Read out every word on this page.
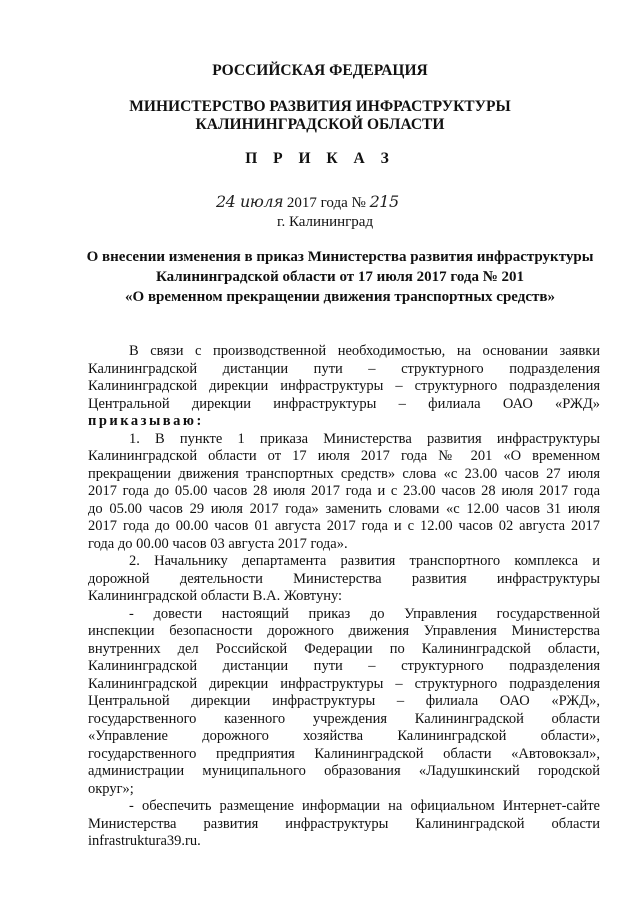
РОССИЙСКАЯ ФЕДЕРАЦИЯ
МИНИСТЕРСТВО РАЗВИТИЯ ИНФРАСТРУКТУРЫ
КАЛИНИНГРАДСКОЙ ОБЛАСТИ
П Р И К А З
24 июля 2017 года № 215
г. Калининград
О внесении изменения в приказ Министерства развития инфраструктуры
Калининградской области от 17 июля 2017 года № 201
«О временном прекращении движения транспортных средств»

В связи с производственной необходимостью, на основании заявки
Калининградской дистанции пути – структурного подразделения
Калининградской дирекции инфраструктуры – структурного подразделения
Центральной дирекции инфраструктуры – филиала ОАО «РЖД»

приказываю:

1. В пункте 1 приказа Министерства развития инфраструктуры
Калининградской области от 17 июля 2017 года № 201 «О временном
прекращении движения транспортных средств» слова «с 23.00 часов 27 июля
2017 года до 05.00 часов 28 июля 2017 года и с 23.00 часов 28 июля 2017 года
до 05.00 часов 29 июля 2017 года» заменить словами «с 12.00 часов 31 июля
2017 года до 00.00 часов 01 августа 2017 года и с 12.00 часов 02 августа 2017
года до 00.00 часов 03 августа 2017 года».

2. Начальнику департамента развития транспортного комплекса и
дорожной деятельности Министерства развития инфраструктуры
Калининградской области В.А. Жовтуну:

- довести настоящий приказ до Управления государственной
инспекции безопасности дорожного движения Управления Министерства
внутренних дел Российской Федерации по Калининградской области,
Калининградской дистанции пути – структурного подразделения
Калининградской дирекции инфраструктуры – структурного подразделения
Центральной дирекции инфраструктуры – филиала ОАО «РЖД»,
государственного казенного учреждения Калининградской области
«Управление дорожного хозяйства Калининградской области»,
государственного предприятия Калининградской области «Автовокзал»,
администрации муниципального образования «Ладушкинский городской
округ»;

- обеспечить размещение информации на официальном Интернет-сайте
Министерства развития инфраструктуры Калининградской области
infrastruktura39.ru.
